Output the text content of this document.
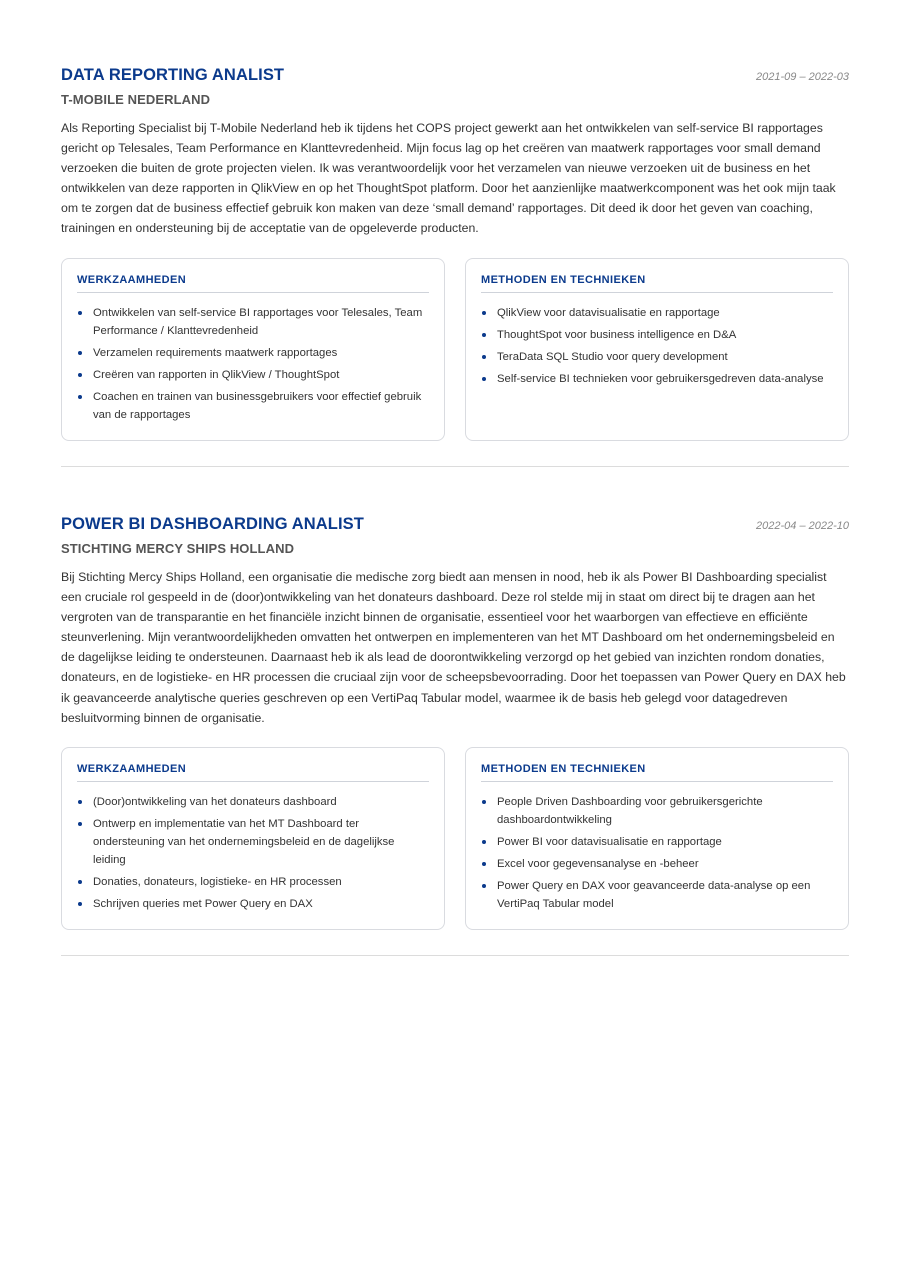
DATA REPORTING ANALIST	2021-09 – 2022-03
T-MOBILE NEDERLAND

Als Reporting Specialist bij T-Mobile Nederland heb ik tijdens het COPS project gewerkt aan het ontwikkelen van self-service BI rapportages gericht op Telesales, Team Performance en Klanttevredenheid. Mijn focus lag op het creëren van maatwerk rapportages voor small demand verzoeken die buiten de grote projecten vielen. Ik was verantwoordelijk voor het verzamelen van nieuwe verzoeken uit de business en het ontwikkelen van deze rapporten in QlikView en op het ThoughtSpot platform. Door het aanzienlijke maatwerkcomponent was het ook mijn taak om te zorgen dat de business effectief gebruik kon maken van deze ‘small demand’ rapportages. Dit deed ik door het geven van coaching, trainingen en ondersteuning bij de acceptatie van de opgeleverde producten.

WERKZAAMHEDEN
Ontwikkelen van self-service BI rapportages voor Telesales, Team Performance / Klanttevredenheid
Verzamelen requirements maatwerk rapportages
Creëren van rapporten in QlikView / ThoughtSpot
Coachen en trainen van businessgebruikers voor effectief gebruik van de rapportages
METHODEN EN TECHNIEKEN
QlikView voor datavisualisatie en rapportage
ThoughtSpot voor business intelligence en D&A
TeraData SQL Studio voor query development
Self-service BI technieken voor gebruikersgedreven data-analyse
POWER BI DASHBOARDING ANALIST	2022-04 – 2022-10
STICHTING MERCY SHIPS HOLLAND

Bij Stichting Mercy Ships Holland, een organisatie die medische zorg biedt aan mensen in nood, heb ik als Power BI Dashboarding specialist een cruciale rol gespeeld in de (door)ontwikkeling van het donateurs dashboard. Deze rol stelde mij in staat om direct bij te dragen aan het vergroten van de transparantie en het financiële inzicht binnen de organisatie, essentieel voor het waarborgen van effectieve en efficiënte steunverlening. Mijn verantwoordelijkheden omvatten het ontwerpen en implementeren van het MT Dashboard om het ondernemingsbeleid en de dagelijkse leiding te ondersteunen. Daarnaast heb ik als lead de doorontwikkeling verzorgd op het gebied van inzichten rondom donaties, donateurs, en de logistieke- en HR processen die cruciaal zijn voor de scheepsbevoorrading. Door het toepassen van Power Query en DAX heb ik geavanceerde analytische queries geschreven op een VertiPaq Tabular model, waarmee ik de basis heb gelegd voor datagedreven besluitvorming binnen de organisatie.

WERKZAAMHEDEN
(Door)ontwikkeling van het donateurs dashboard
Ontwerp en implementatie van het MT Dashboard ter ondersteuning van het ondernemingsbeleid en de dagelijkse leiding
Donaties, donateurs, logistieke- en HR processen
Schrijven queries met Power Query en DAX
METHODEN EN TECHNIEKEN
People Driven Dashboarding voor gebruikersgerichte dashboardontwikkeling
Power BI voor datavisualisatie en rapportage
Excel voor gegevensanalyse en -beheer
Power Query en DAX voor geavanceerde data-analyse op een VertiPaq Tabular model
